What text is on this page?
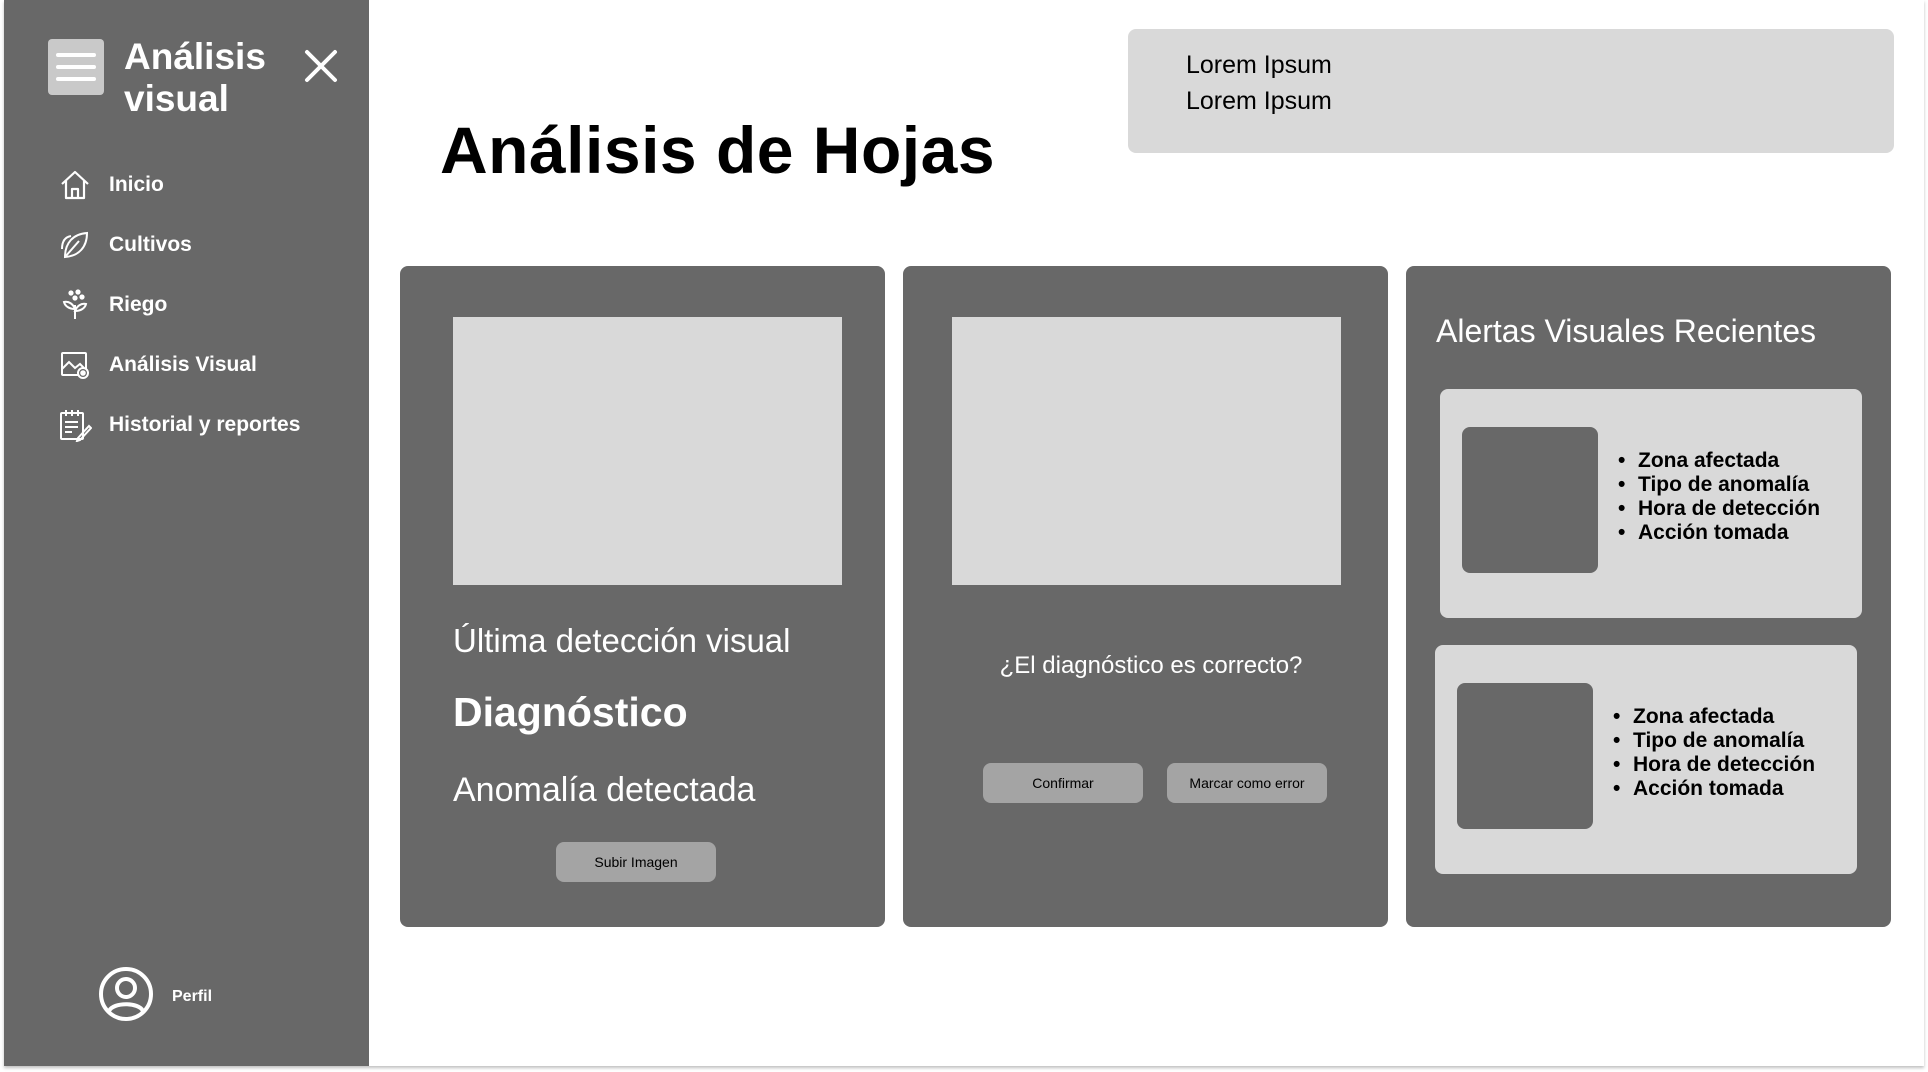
Análisis
visual
Inicio
Cultivos
Riego
Análisis Visual
Historial y reportes
Perfil
Análisis de Hojas
Lorem Ipsum
Lorem Ipsum
Última detección visual
Diagnóstico
Anomalía detectada
Subir Imagen
¿El diagnóstico es correcto?
Confirmar	Marcar como error
Alertas Visuales Recientes
• Zona afectada
• Tipo de anomalía
• Hora de detección
• Acción tomada
• Zona afectada
• Tipo de anomalía
• Hora de detección
• Acción tomada
